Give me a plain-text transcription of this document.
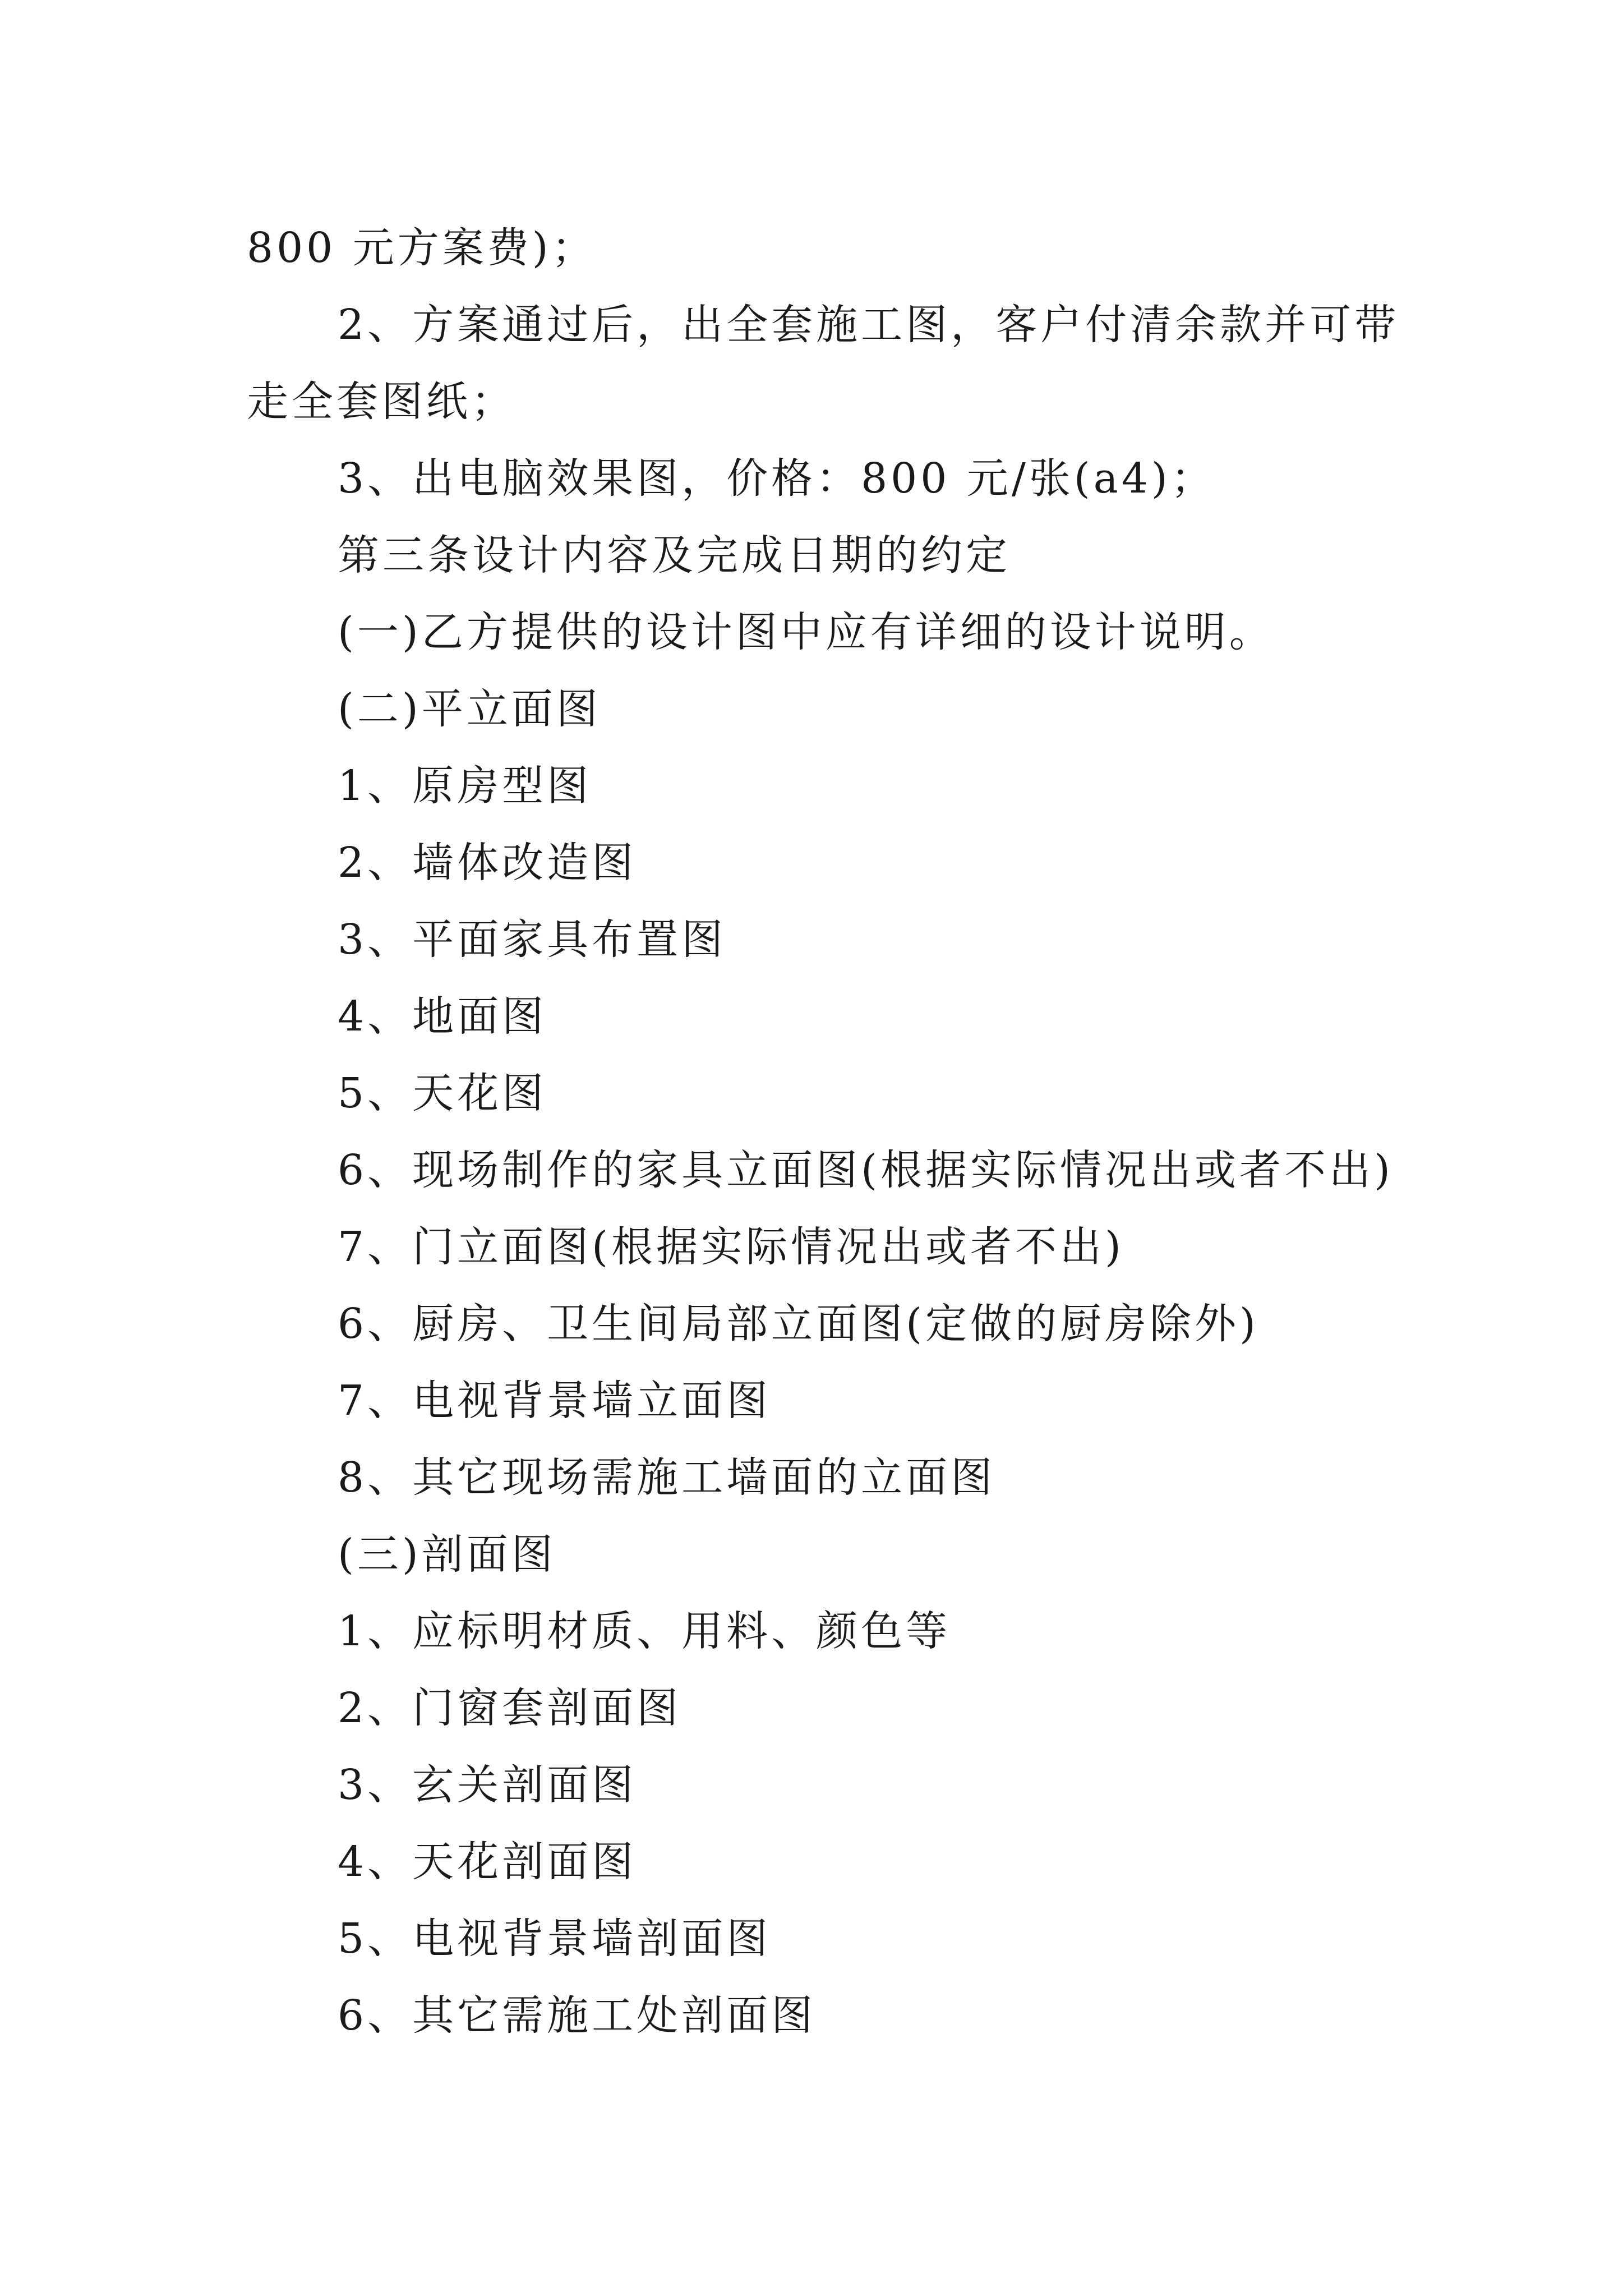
800 元方案费)；
2、方案通过后，出全套施工图，客户付清余款并可带
走全套图纸；
3、出电脑效果图，价格：800 元/张(a4)；
第三条设计内容及完成日期的约定
(一)乙方提供的设计图中应有详细的设计说明。
(二)平立面图
1、原房型图
2、墙体改造图
3、平面家具布置图
4、地面图
5、天花图
6、现场制作的家具立面图(根据实际情况出或者不出)
7、门立面图(根据实际情况出或者不出)
6、厨房、卫生间局部立面图(定做的厨房除外)
7、电视背景墙立面图
8、其它现场需施工墙面的立面图
(三)剖面图
1、应标明材质、用料、颜色等
2、门窗套剖面图
3、玄关剖面图
4、天花剖面图
5、电视背景墙剖面图
6、其它需施工处剖面图
